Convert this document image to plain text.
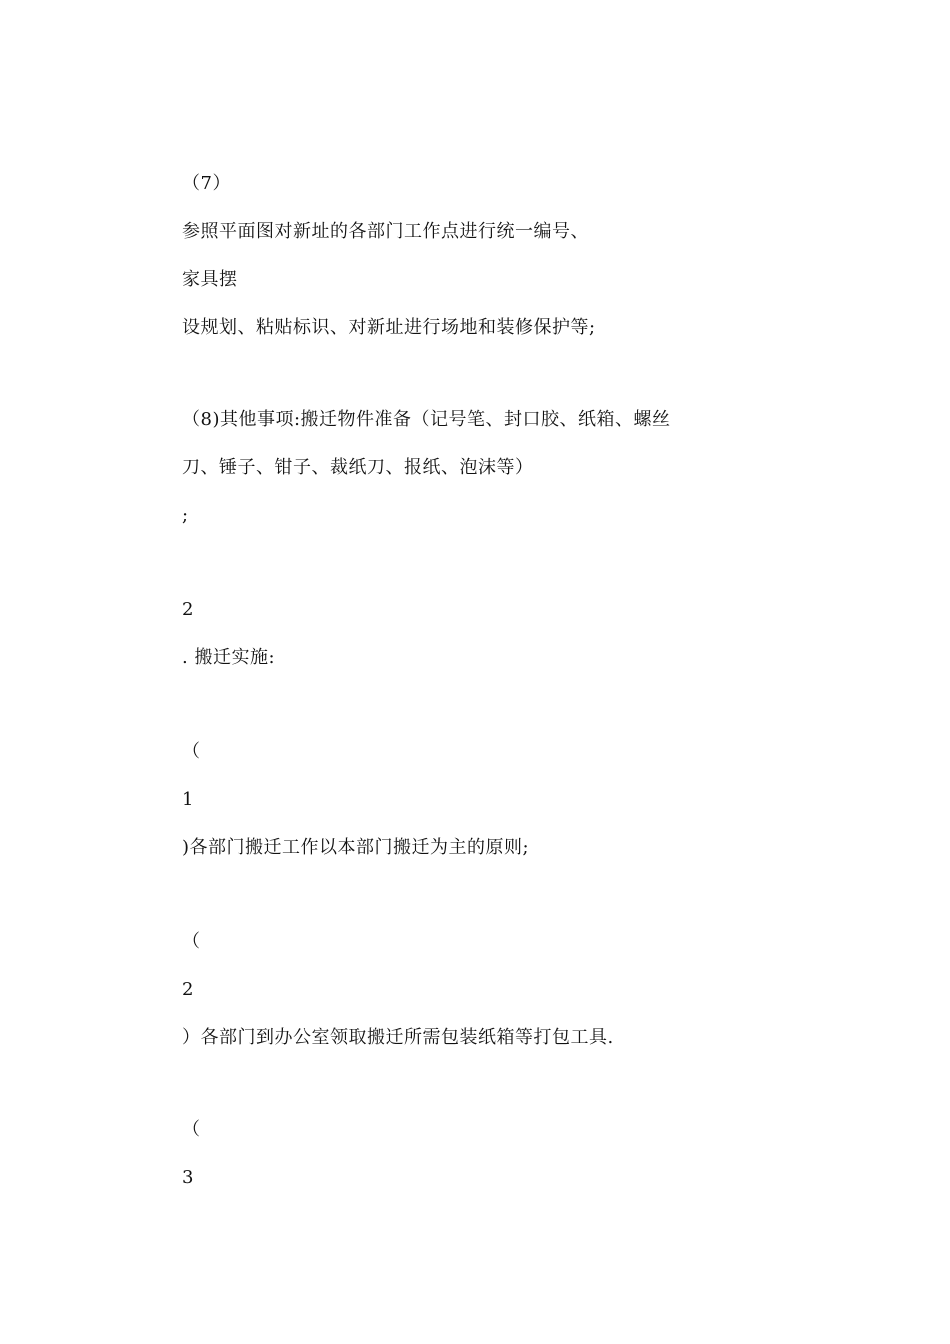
（7）
参照平面图对新址的各部门工作点进行统一编号、
家具摆
设规划、粘贴标识、对新址进行场地和装修保护等;
（8)其他事项:搬迁物件准备（记号笔、封口胶、纸箱、螺丝
刀、锤子、钳子、裁纸刀、报纸、泡沫等）
;
2
. 搬迁实施:
（
1
)各部门搬迁工作以本部门搬迁为主的原则;
（
2
）各部门到办公室领取搬迁所需包装纸箱等打包工具.
（
3
